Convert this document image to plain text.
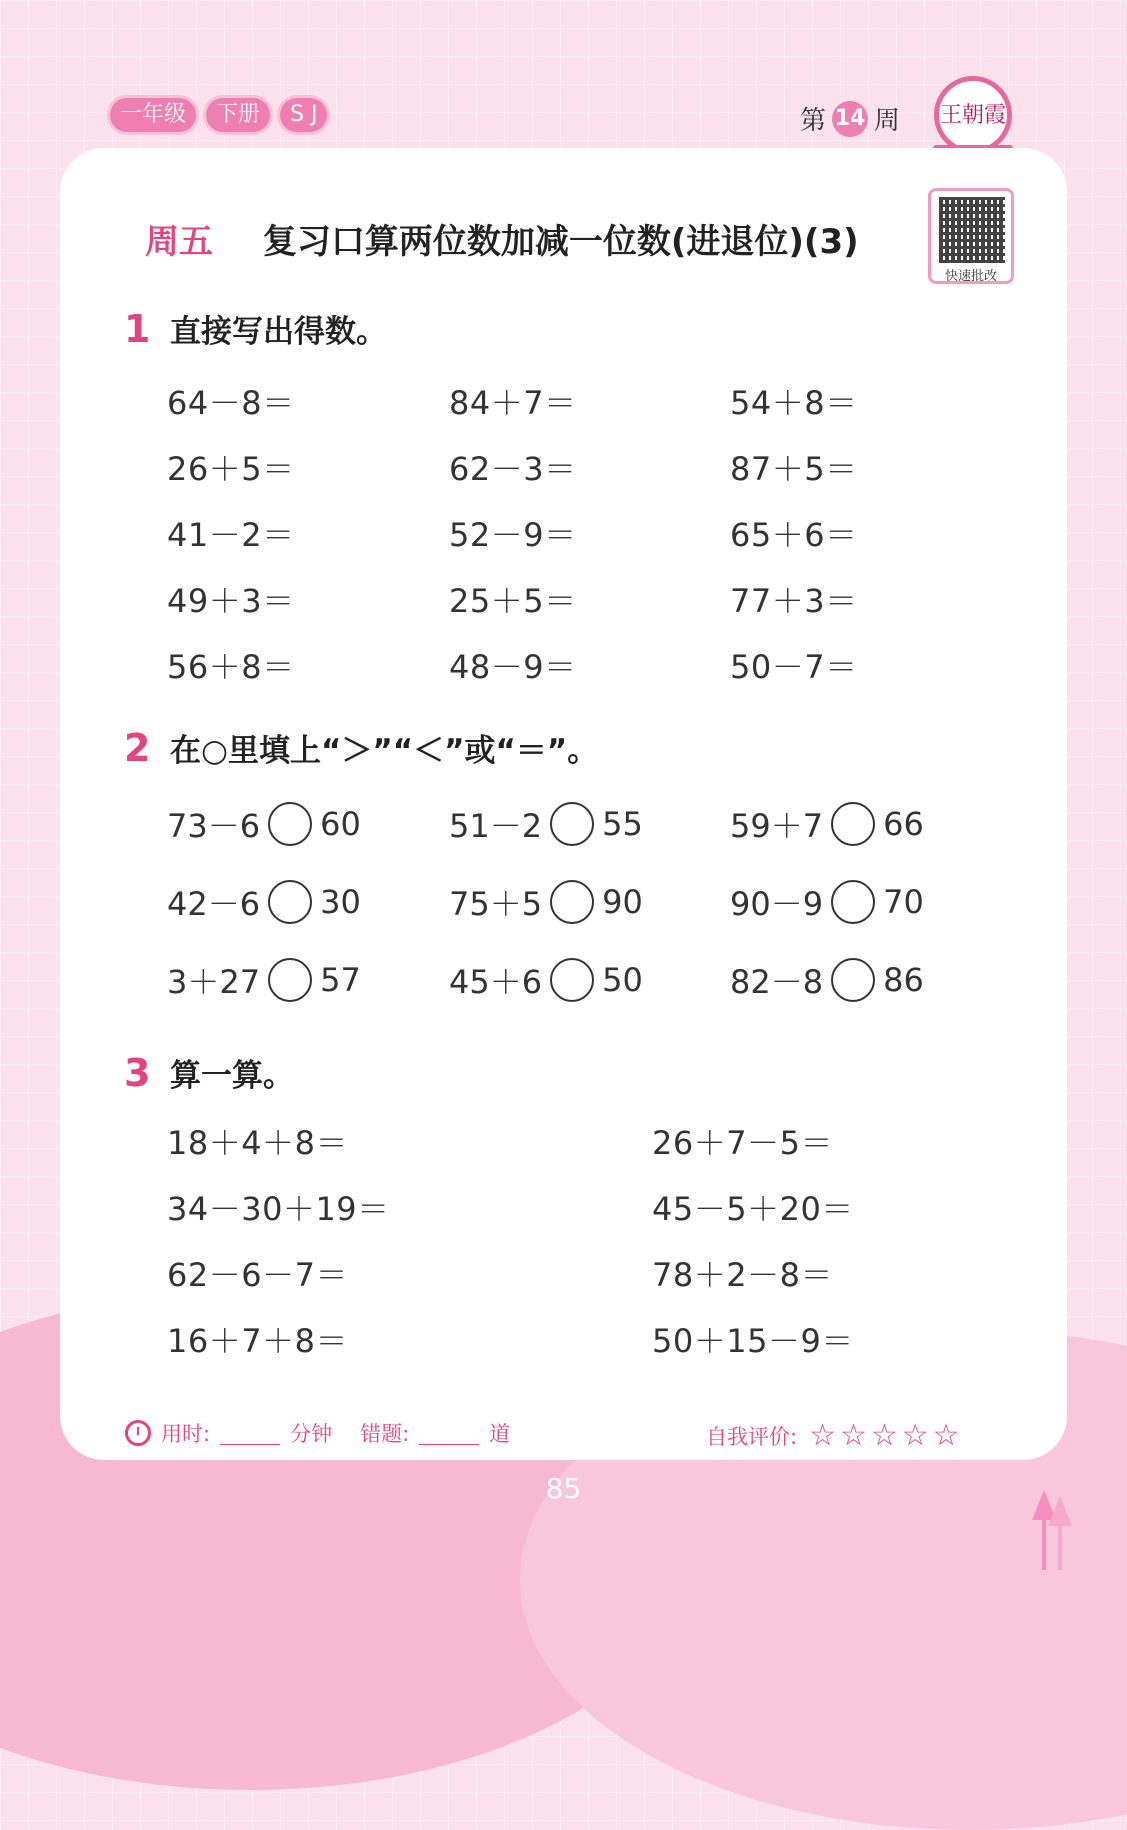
一年级	下册	S J	第 14 周 王朝霞
快速批改
周五 复习口算两位数加减一位数(进退位)(3)
1 直接写出得数。
64－8＝	84＋7＝	54＋8＝
26＋5＝	62－3＝	87＋5＝
41－2＝	52－9＝	65＋6＝
49＋3＝	25＋5＝	77＋3＝
56＋8＝	48－9＝	50－7＝
2 在○里填上“＞”“＜”或“＝”。
73－6 60	51－2 55	59＋7 66
42－6 30	75＋5 90	90－9 70
3＋27 57	45＋6 50	82－8 86
3 算一算。
18＋4＋8＝	26＋7－5＝
34－30＋19＝	45－5＋20＝
62－6－7＝	78＋2－8＝
16＋7＋8＝	50＋15－9＝
用时:	分钟 错题:	道	自我评价: ☆☆☆☆☆
85
